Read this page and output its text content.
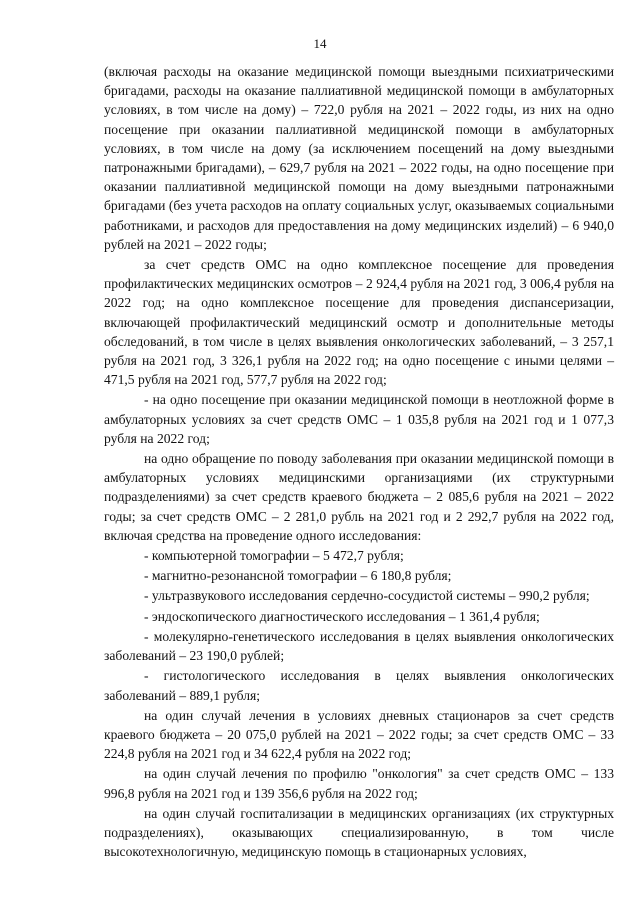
14

(включая расходы на оказание медицинской помощи выездными психиатрическими бригадами, расходы на оказание паллиативной медицинской помощи в амбулаторных условиях, в том числе на дому) – 722,0 рубля на 2021 – 2022 годы, из них на одно посещение при оказании паллиативной медицинской помощи в амбулаторных условиях, в том числе на дому (за исключением посещений на дому выездными патронажными бригадами), – 629,7 рубля на 2021 – 2022 годы, на одно посещение при оказании паллиативной медицинской помощи на дому выездными патронажными бригадами (без учета расходов на оплату социальных услуг, оказываемых социальными работниками, и расходов для предоставления на дому медицинских изделий) – 6 940,0 рублей на 2021 – 2022 годы;

за счет средств ОМС на одно комплексное посещение для проведения профилактических медицинских осмотров – 2 924,4 рубля на 2021 год, 3 006,4 рубля на 2022 год; на одно комплексное посещение для проведения диспансеризации, включающей профилактический медицинский осмотр и дополнительные методы обследований, в том числе в целях выявления онкологических заболеваний, – 3 257,1 рубля на 2021 год, 3 326,1 рубля на 2022 год; на одно посещение с иными целями – 471,5 рубля на 2021 год, 577,7 рубля на 2022 год;

- на одно посещение при оказании медицинской помощи в неотложной форме в амбулаторных условиях за счет средств ОМС – 1 035,8 рубля на 2021 год и 1 077,3 рубля на 2022 год;

на одно обращение по поводу заболевания при оказании медицинской помощи в амбулаторных условиях медицинскими организациями (их структурными подразделениями) за счет средств краевого бюджета – 2 085,6 рубля на 2021 – 2022 годы; за счет средств ОМС – 2 281,0 рубль на 2021 год и 2 292,7 рубля на 2022 год, включая средства на проведение одного исследования:

- компьютерной томографии – 5 472,7 рубля;

- магнитно-резонансной томографии – 6 180,8 рубля;

- ультразвукового исследования сердечно-сосудистой системы – 990,2 рубля;

- эндоскопического диагностического исследования – 1 361,4 рубля;

- молекулярно-генетического исследования в целях выявления онкологических заболеваний – 23 190,0 рублей;

- гистологического исследования в целях выявления онкологических заболеваний – 889,1 рубля;

на один случай лечения в условиях дневных стационаров за счет средств краевого бюджета – 20 075,0 рублей на 2021 – 2022 годы; за счет средств ОМС – 33 224,8 рубля на 2021 год и 34 622,4 рубля на 2022 год;

на один случай лечения по профилю "онкология" за счет средств ОМС – 133 996,8 рубля на 2021 год и 139 356,6 рубля на 2022 год;

на один случай госпитализации в медицинских организациях (их структурных подразделениях), оказывающих специализированную, в том числе высокотехнологичную, медицинскую помощь в стационарных условиях,
